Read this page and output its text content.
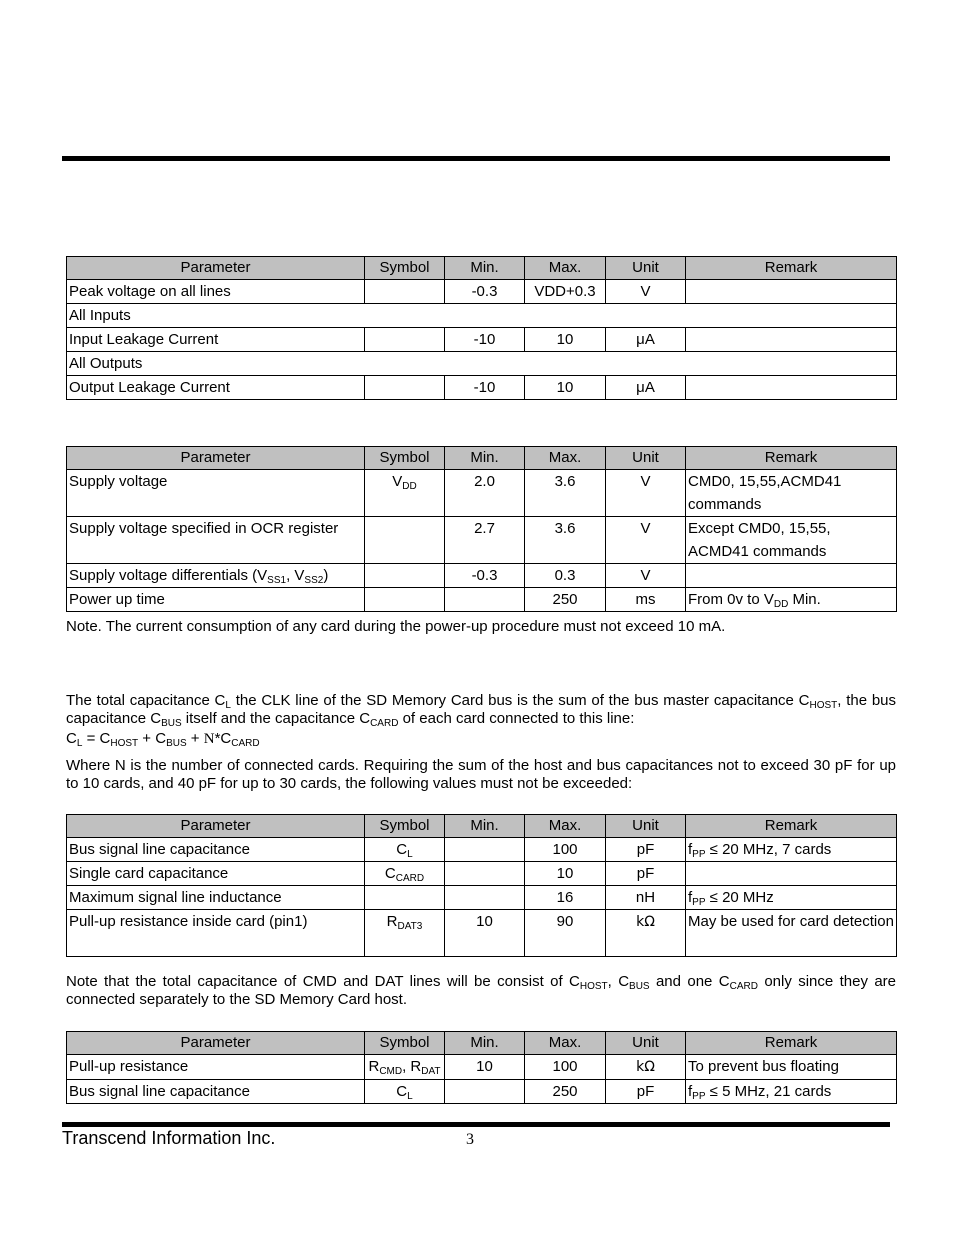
Parameter	Symbol	Min.	Max.	Unit	Remark
Peak voltage on all lines		-0.3	VDD+0.3	V	
All Inputs					
Input Leakage Current		-10	10	μA	
All Outputs					
Output Leakage Current		-10	10	μA	
Parameter	Symbol	Min.	Max.	Unit	Remark
Supply voltage	$V_{DD}$	2.0	3.6	V	CMD0, 15,55,ACMD41 commands
Supply voltage specified in OCR register		2.7	3.6	V	Except CMD0, 15,55, ACMD41 commands
Supply voltage differentials ($V_{SS1}$, $V_{SS2}$)		-0.3	0.3	V	
Power up time			250	ms	From 0v to $V_{DD}$ Min.
Note. The current consumption of any card during the power-up procedure must not exceed 10 mA.
The total capacitance $C_L$ the CLK line of the SD Memory Card bus is the sum of the bus master capacitance $C_{HOST}$, the bus capacitance $C_{BUS}$ itself and the capacitance $C_{CARD}$ of each card connected to this line:
$C_L = C_{HOST} + C_{BUS} + N*C_{CARD}$
Where N is the number of connected cards. Requiring the sum of the host and bus capacitances not to exceed 30 pF for up to 10 cards, and 40 pF for up to 30 cards, the following values must not be exceeded:
Parameter	Symbol	Min.	Max.	Unit	Remark
Bus signal line capacitance	$C_L$		100	pF	$f_{PP} \le 20$ MHz, 7 cards
Single card capacitance	$C_{CARD}$		10	pF	
Maximum signal line inductance			16	nH	$f_{PP} \le 20$ MHz
Pull-up resistance inside card (pin1)	$R_{DAT3}$	10	90	kΩ	May be used for card detection
Note that the total capacitance of CMD and DAT lines will be consist of $C_{HOST}$, $C_{BUS}$ and one $C_{CARD}$ only since they are connected separately to the SD Memory Card host.
Parameter	Symbol	Min.	Max.	Unit	Remark
Pull-up resistance	$R_{CMD}$, $R_{DAT}$	10	100	kΩ	To prevent bus floating
Bus signal line capacitance	$C_L$		250	pF	$f_{PP} \le 5$ MHz, 21 cards
Transcend Information Inc.	3
